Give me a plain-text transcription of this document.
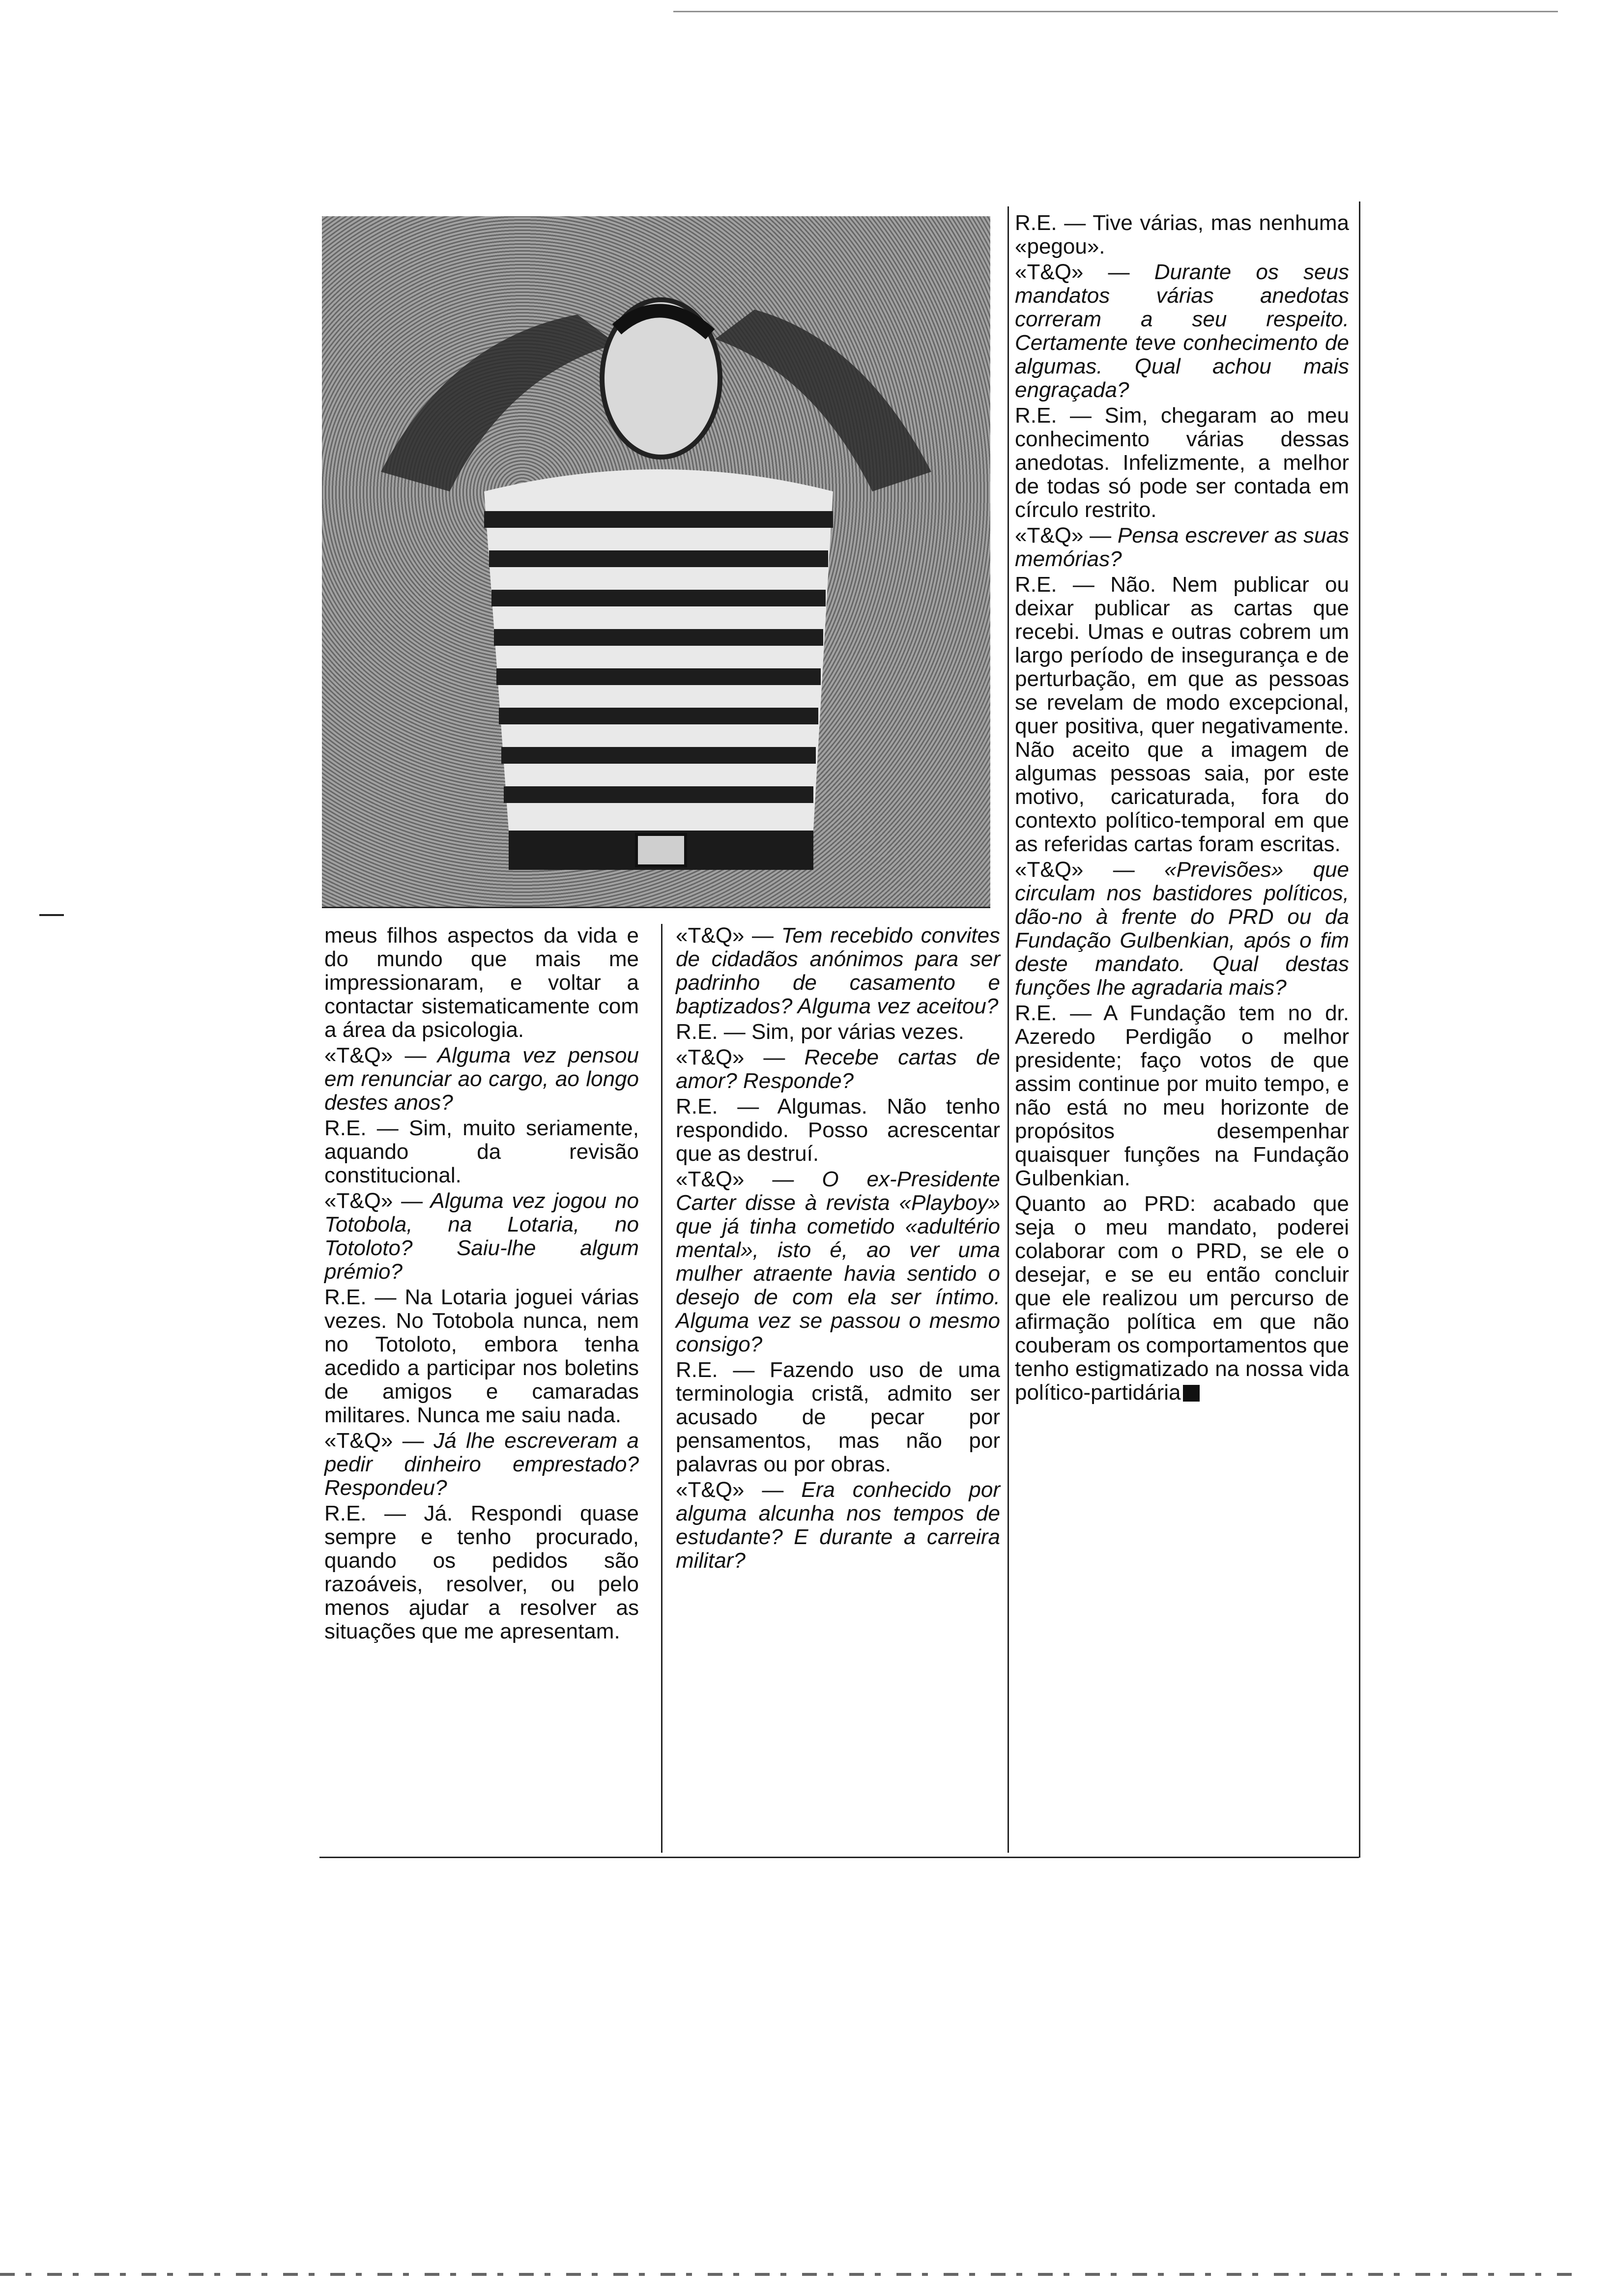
meus filhos aspectos da vida e do mundo que mais me impressionaram, e voltar a contactar sistematicamente com a área da psicologia.

«T&Q» — Alguma vez pensou em renunciar ao cargo, ao longo destes anos?

R.E. — Sim, muito seriamente, aquando da revisão constitucional.

«T&Q» — Alguma vez jogou no Totobola, na Lotaria, no Totoloto? Saiu-lhe algum prémio?

R.E. — Na Lotaria joguei várias vezes. No Totobola nunca, nem no Totoloto, embora tenha acedido a participar nos boletins de amigos e camaradas militares. Nunca me saiu nada.

«T&Q» — Já lhe escreveram a pedir dinheiro emprestado? Respondeu?

R.E. — Já. Respondi quase sempre e tenho procurado, quando os pedidos são razoáveis, resolver, ou pelo menos ajudar a resolver as situações que me apresentam.

«T&Q» — Tem recebido convites de cidadãos anónimos para ser padrinho de casamento e baptizados? Alguma vez aceitou?

R.E. — Sim, por várias vezes.

«T&Q» — Recebe cartas de amor? Responde?

R.E. — Algumas. Não tenho respondido. Posso acrescentar que as destruí.

«T&Q» — O ex-Presidente Carter disse à revista «Playboy» que já tinha cometido «adultério mental», isto é, ao ver uma mulher atraente havia sentido o desejo de com ela ser íntimo. Alguma vez se passou o mesmo consigo?

R.E. — Fazendo uso de uma terminologia cristã, admito ser acusado de pecar por pensamentos, mas não por palavras ou por obras.

«T&Q» — Era conhecido por alguma alcunha nos tempos de estudante? E durante a carreira militar?

R.E. — Tive várias, mas nenhuma «pegou».

«T&Q» — Durante os seus mandatos várias anedotas correram a seu respeito. Certamente teve conhecimento de algumas. Qual achou mais engraçada?

R.E. — Sim, chegaram ao meu conhecimento várias dessas anedotas. Infelizmente, a melhor de todas só pode ser contada em círculo restrito.

«T&Q» — Pensa escrever as suas memórias?

R.E. — Não. Nem publicar ou deixar publicar as cartas que recebi. Umas e outras cobrem um largo período de insegurança e de perturbação, em que as pessoas se revelam de modo excepcional, quer positiva, quer negativamente. Não aceito que a imagem de algumas pessoas saia, por este motivo, caricaturada, fora do contexto político-temporal em que as referidas cartas foram escritas.

«T&Q» — «Previsões» que circulam nos bastidores políticos, dão-no à frente do PRD ou da Fundação Gulbenkian, após o fim deste mandato. Qual destas funções lhe agradaria mais?

R.E. — A Fundação tem no dr. Azeredo Perdigão o melhor presidente; faço votos de que assim continue por muito tempo, e não está no meu horizonte de propósitos desempenhar quaisquer funções na Fundação Gulbenkian.

Quanto ao PRD: acabado que seja o meu mandato, poderei colaborar com o PRD, se ele o desejar, e se eu então concluir que ele realizou um percurso de afirmação política em que não couberam os comportamentos que tenho estigmatizado na nossa vida político-partidária
